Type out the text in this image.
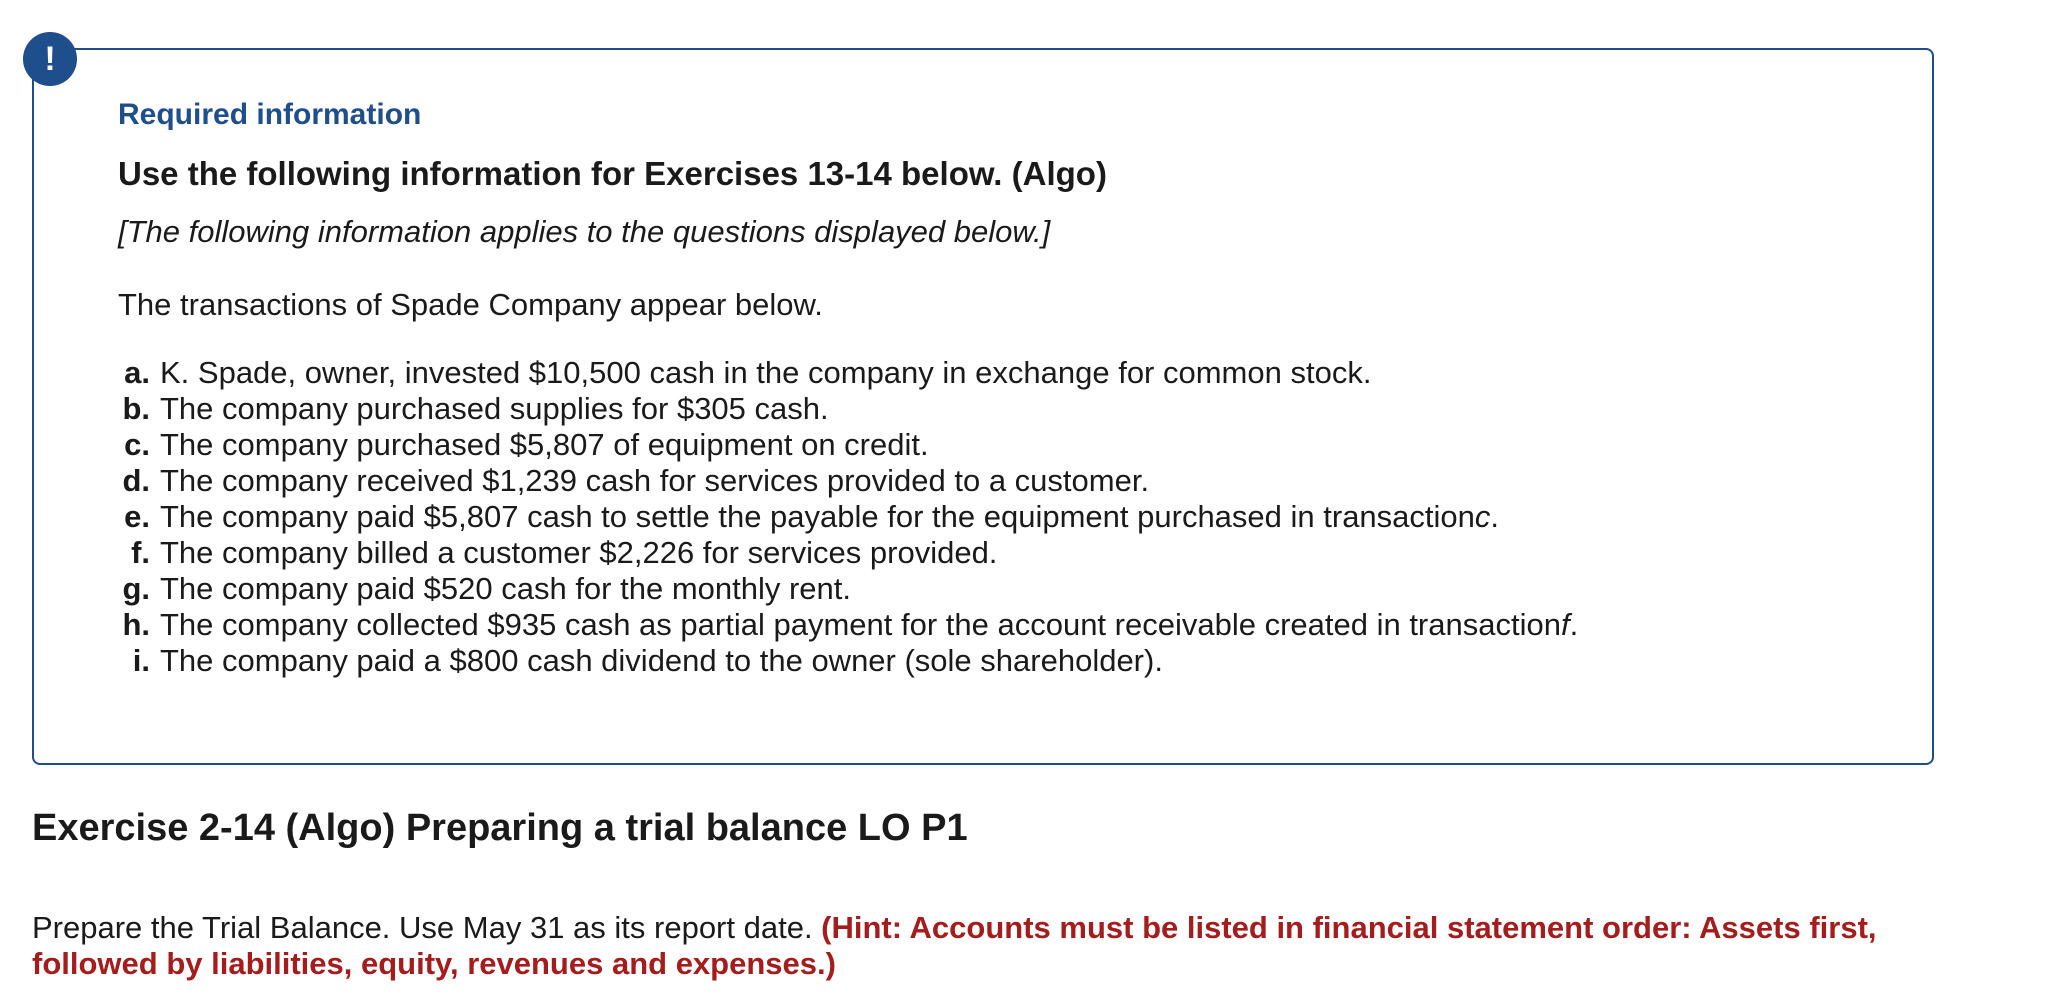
!
Required information
Use the following information for Exercises 13-14 below. (Algo)
[The following information applies to the questions displayed below.]
The transactions of Spade Company appear below.
a. K. Spade, owner, invested $10,500 cash in the company in exchange for common stock.
b. The company purchased supplies for $305 cash.
c. The company purchased $5,807 of equipment on credit.
d. The company received $1,239 cash for services provided to a customer.
e. The company paid $5,807 cash to settle the payable for the equipment purchased in transaction c .
f. The company billed a customer $2,226 for services provided.
g. The company paid $520 cash for the monthly rent.
h. The company collected $935 cash as partial payment for the account receivable created in transaction f .
i. The company paid a $800 cash dividend to the owner (sole shareholder).
Exercise 2-14 (Algo) Preparing a trial balance LO P1
Prepare the Trial Balance. Use May 31 as its report date. (Hint: Accounts must be listed in financial statement order: Assets first, followed by liabilities, equity, revenues and expenses.)
